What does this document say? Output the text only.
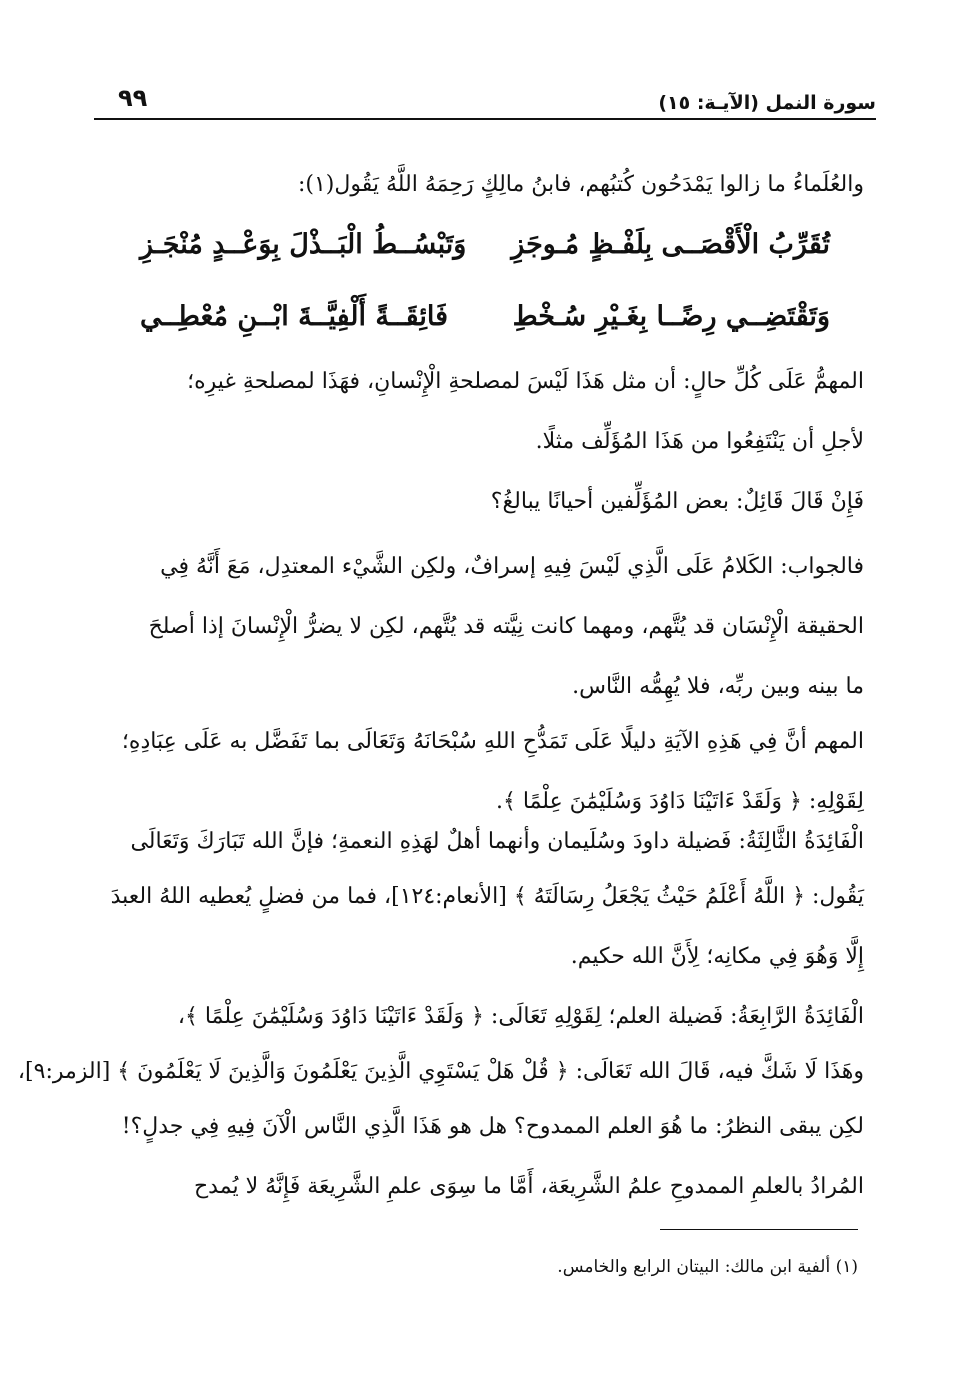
سورة النمل (الآيـة: ١٥)
٩٩
والعُلَماءُ ما زالوا يَمْدَحُون كُتبُهم، فابنُ مالِكٍ رَحِمَهُ اللَّهُ يَقُول(١):
تُقَرِّبُ الْأَقْصَــى بِلَفْـظٍ مُـوجَزِ
وَتَبْسُــطُ الْبَــذْلَ بِوَعْــدٍ مُنْجَـزِ
وَتَقْتَضِــي رِضًــا بِغَـيْرِ سُـخْطِ
فَائِقَــةً أَلْفِيَّــةَ ابْــنِ مُعْطِــي
المهمُّ عَلَى كُلِّ حالٍ: أن مثل هَذَا لَيْسَ لمصلحةِ الْإِنْسانِ، فهَذَا لمصلحةِ غيرِه؛
لأجلِ أن يَنْتَفِعُوا من هَذَا المُؤَلِّف مثلًا.
فَإِنْ قَالَ قَائِلٌ: بعض المُؤَلِّفين أحيانًا يبالغُ؟
فالجواب: الكَلامُ عَلَى الَّذِي لَيْسَ فِيهِ إسرافٌ، ولكِن الشَّيْء المعتدِل، مَعَ أَنَّهُ فِي
الحقيقة الْإِنْسَان قد يُتَّهم، ومهما كانت نِيَّته قد يُتَّهم، لكِن لا يضرُّ الْإِنْسانَ إذا أصلحَ
ما بينه وبين ربِّه، فلا يُهِمُّه النَّاس.
المهم أنَّ فِي هَذِهِ الآيَةِ دليلًا عَلَى تَمَدُّحِ اللهِ سُبْحَانَهُ وَتَعَالَى بما تَفَضَّل به عَلَى عِبَادِهِ؛
لِقَوْلِهِ: ﴿ وَلَقَدْ ءَاتَيْنَا دَاوُدَ وَسُلَيْمَٰنَ عِلْمًا ﴾.
الْفَائِدَةُ الثَّالِثَةُ: فَضيلة داودَ وسُلَيمان وأنهما أهلٌ لهَذِهِ النعمةِ؛ فإنَّ الله تَبَارَكَ وَتَعَالَى
يَقُول: ﴿ اللَّهُ أَعْلَمُ حَيْثُ يَجْعَلُ رِسَالَتَهُ ﴾ [الأنعام:١٢٤]، فما من فضلٍ يُعطيه اللهُ العبدَ
إِلَّا وَهُوَ فِي مكانِه؛ لِأَنَّ الله حكيم.
الْفَائِدَةُ الرَّابِعَةُ: فَضيلة العلم؛ لِقَوْلِهِ تَعَالَى: ﴿ وَلَقَدْ ءَاتَيْنَا دَاوُدَ وَسُلَيْمَٰنَ عِلْمًا ﴾،
وهَذَا لَا شَكَّ فيه، قَالَ الله تَعَالَى: ﴿ قُلْ هَلْ يَسْتَوِي الَّذِينَ يَعْلَمُونَ وَالَّذِينَ لَا يَعْلَمُونَ ﴾ [الزمر:٩]،
لكِن يبقى النظرُ: ما هُوَ العلم الممدوح؟ هل هو هَذَا الَّذِي النَّاس الْآنَ فِيهِ فِي جدلٍ؟!
المُرادُ بالعلمِ الممدوحِ علمُ الشَّرِيعَة، أَمَّا ما سِوَى علمِ الشَّرِيعَة فَإِنَّهُ لا يُمدح
(١) ألفية ابن مالك: البيتان الرابع والخامس.
